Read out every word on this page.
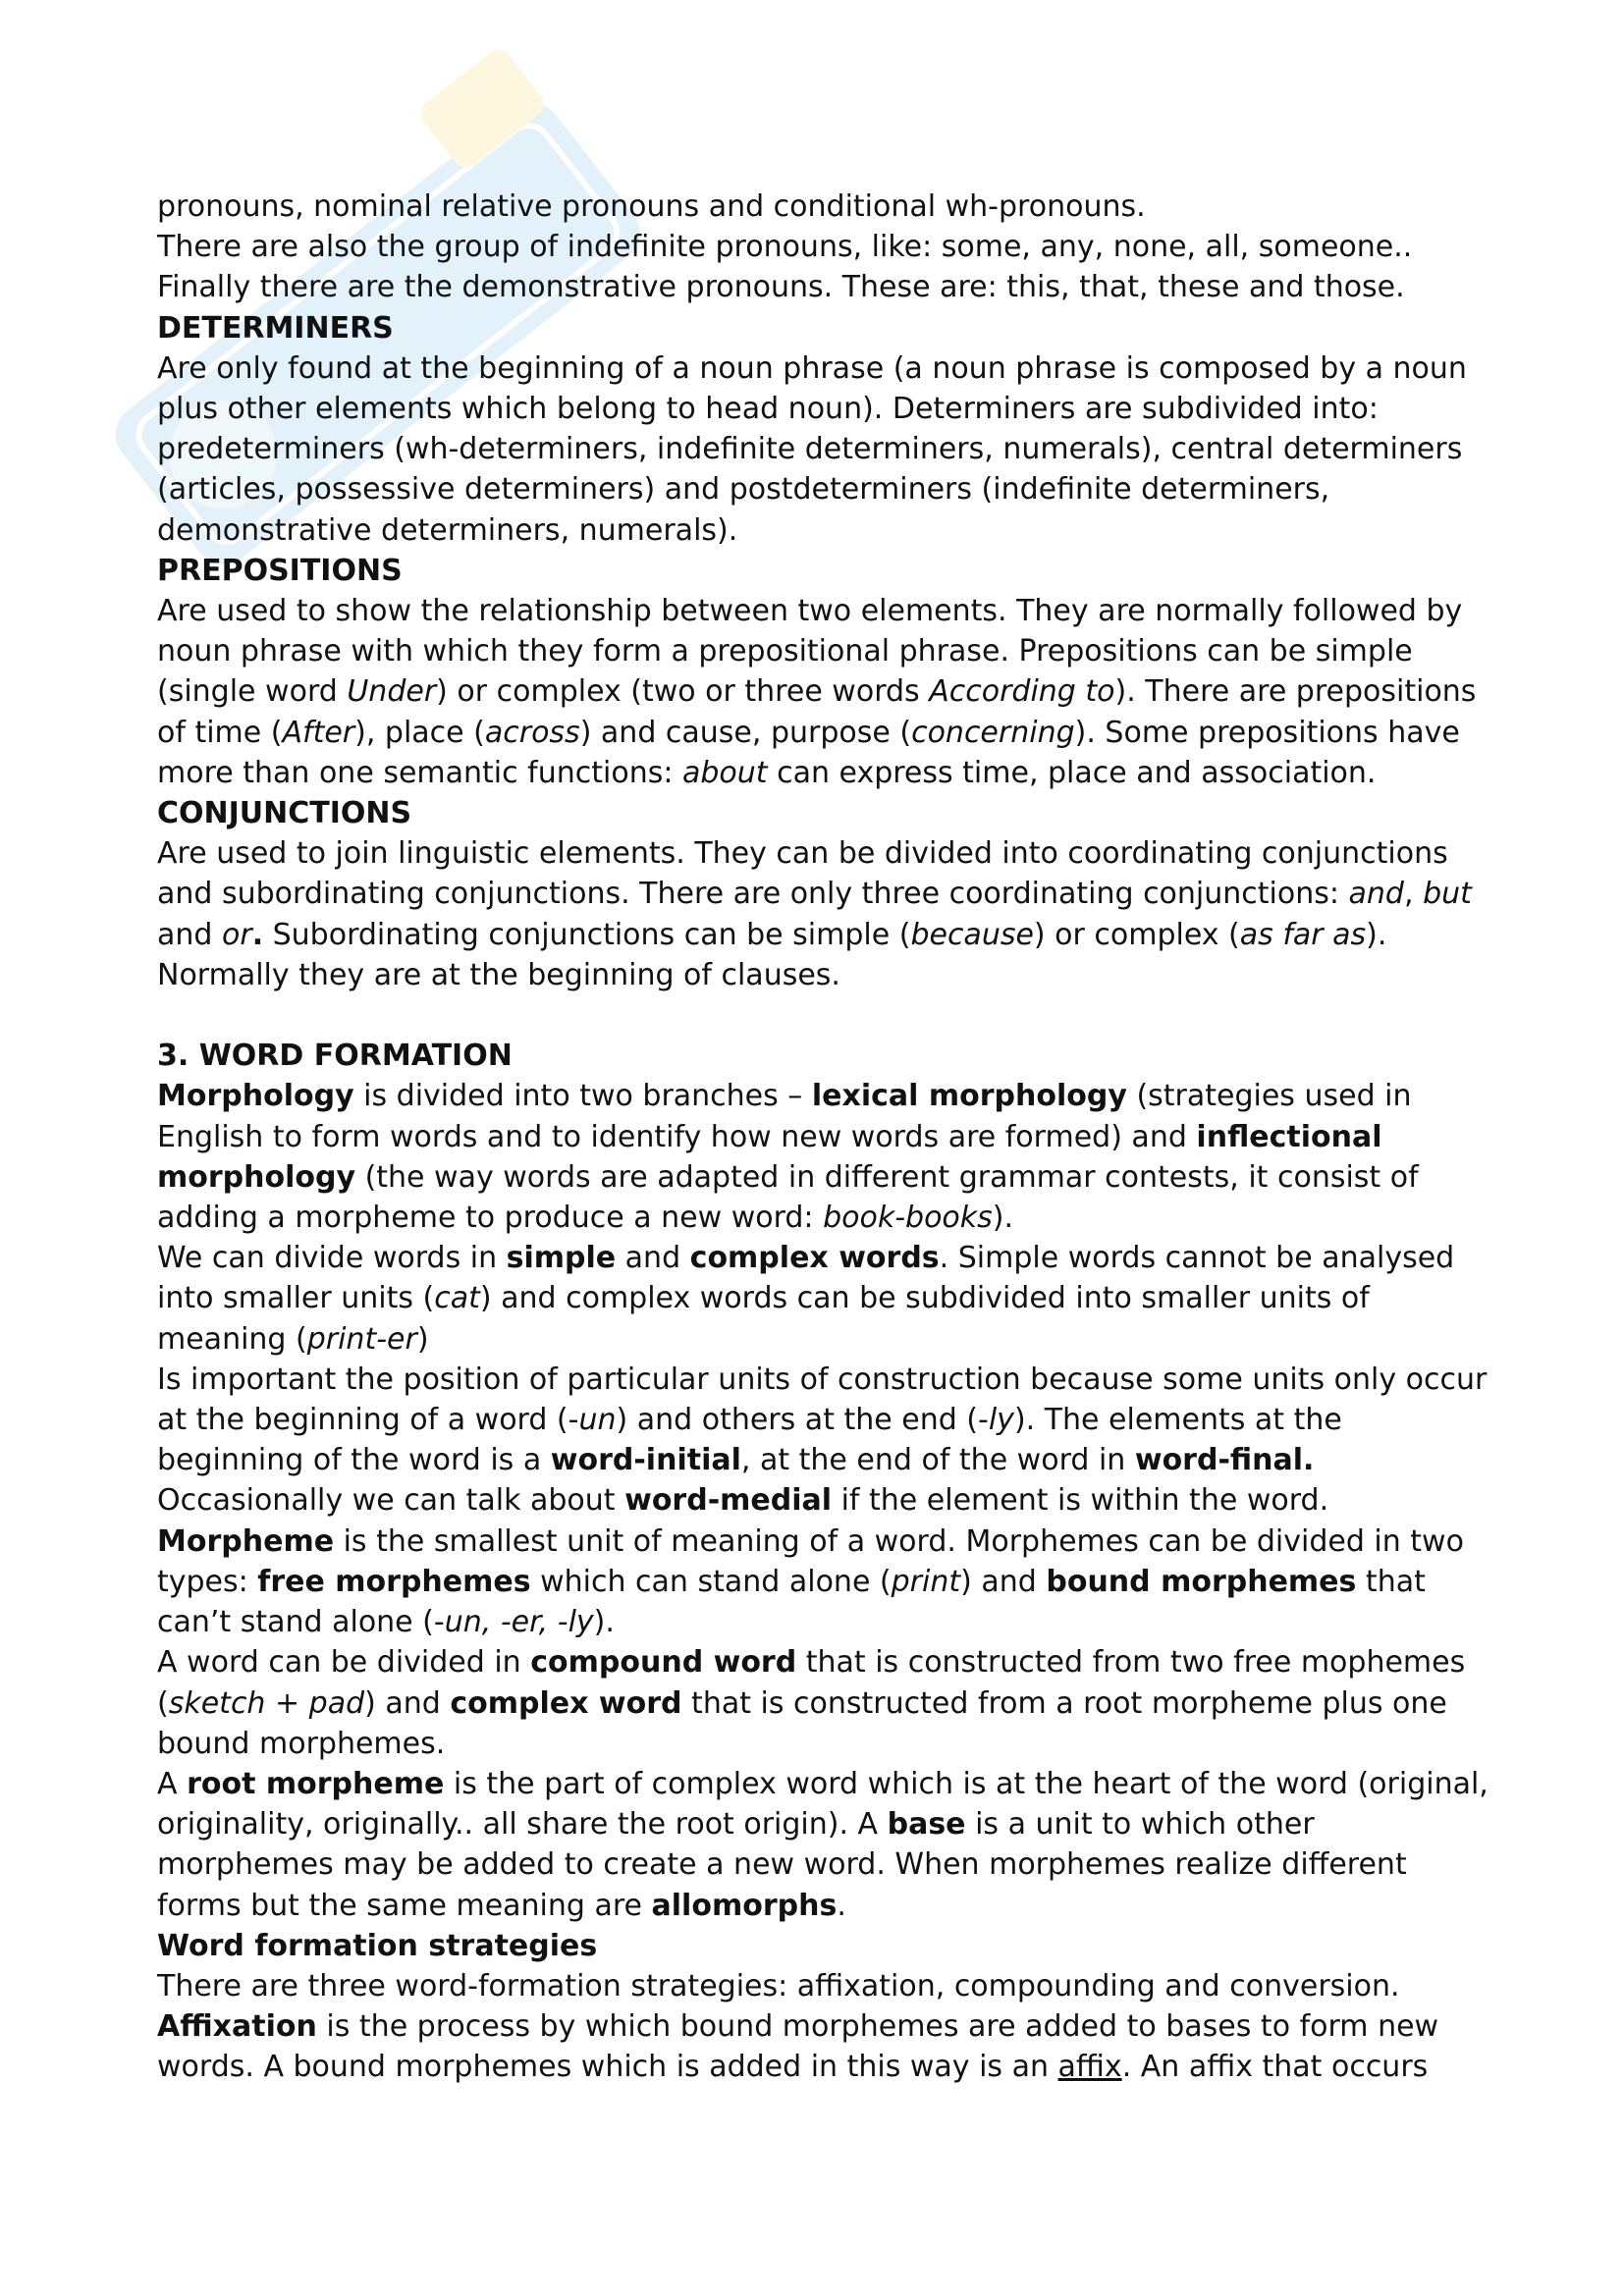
pronouns, nominal relative pronouns and conditional wh-pronouns.

There are also the group of indefinite pronouns, like: some, any, none, all, someone..

Finally there are the demonstrative pronouns. These are: this, that, these and those.

DETERMINERS

Are only found at the beginning of a noun phrase (a noun phrase is composed by a noun plus other elements which belong to head noun). Determiners are subdivided into: predeterminers (wh-determiners, indefinite determiners, numerals), central determiners (articles, possessive determiners) and postdeterminers (indefinite determiners, demonstrative determiners, numerals).

PREPOSITIONS

Are used to show the relationship between two elements. They are normally followed by noun phrase with which they form a prepositional phrase. Prepositions can be simple (single word Under) or complex (two or three words According to). There are prepositions of time (After), place (across) and cause, purpose (concerning). Some prepositions have more than one semantic functions: about can express time, place and association.

CONJUNCTIONS

Are used to join linguistic elements. They can be divided into coordinating conjunctions and subordinating conjunctions. There are only three coordinating conjunctions: and, but and or. Subordinating conjunctions can be simple (because) or complex (as far as). Normally they are at the beginning of clauses.

3. WORD FORMATION

Morphology is divided into two branches – lexical morphology (strategies used in English to form words and to identify how new words are formed) and inflectional morphology (the way words are adapted in different grammar contests, it consist of adding a morpheme to produce a new word: book-books).

We can divide words in simple and complex words. Simple words cannot be analysed into smaller units (cat) and complex words can be subdivided into smaller units of meaning (print-er)

Is important the position of particular units of construction because some units only occur at the beginning of a word (-un) and others at the end (-ly). The elements at the beginning of the word is a word-initial, at the end of the word in word-final.

Occasionally we can talk about word-medial if the element is within the word.

Morpheme is the smallest unit of meaning of a word. Morphemes can be divided in two types: free morphemes which can stand alone (print) and bound morphemes that can’t stand alone (-un, -er, -ly).

A word can be divided in compound word that is constructed from two free mophemes (sketch + pad) and complex word that is constructed from a root morpheme plus one bound morphemes.

A root morpheme is the part of complex word which is at the heart of the word (original, originality, originally.. all share the root origin). A base is a unit to which other morphemes may be added to create a new word. When morphemes realize different forms but the same meaning are allomorphs.

Word formation strategies

There are three word-formation strategies: affixation, compounding and conversion.

Affixation is the process by which bound morphemes are added to bases to form new words. A bound morphemes which is added in this way is an affix. An affix that occurs
